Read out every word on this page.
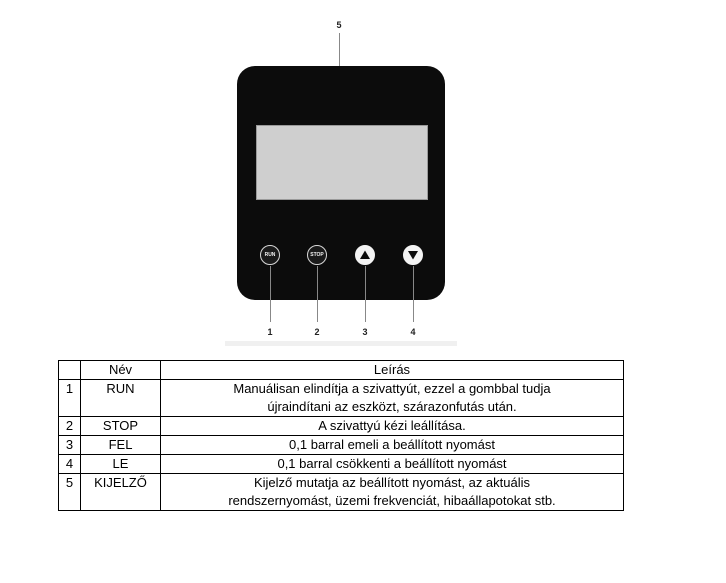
5
RUN	STOP
1	2	3	4
	Név	Leírás
1	RUN	Manuálisan elindítja a szivattyút, ezzel a gombbal tudja
újraindítani az eszközt, szárazonfutás után.

2	STOP	A szivattyú kézi leállítása.

3	FEL	0,1 barral emeli a beállított nyomást

4	LE	0,1 barral csökkenti a beállított nyomást

5	KIJELZŐ	Kijelző mutatja az beállított nyomást, az aktuális
rendszernyomást, üzemi frekvenciát, hibaállapotokat stb.
